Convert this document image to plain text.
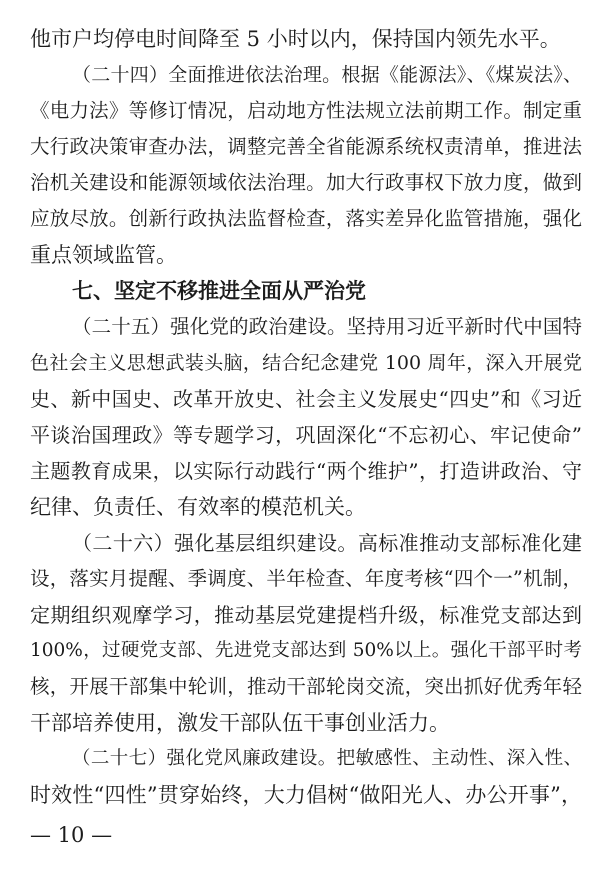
他市户均停电时间降至 5 小时以内，保持国内领先水平。
（二十四）全面推进依法治理。根据《能源法》、《煤炭法》、
《电力法》等修订情况，启动地方性法规立法前期工作。制定重
大行政决策审查办法，调整完善全省能源系统权责清单，推进法
治机关建设和能源领域依法治理。加大行政事权下放力度，做到
应放尽放。创新行政执法监督检查，落实差异化监管措施，强化
重点领域监管。
七、坚定不移推进全面从严治党
（二十五）强化党的政治建设。坚持用习近平新时代中国特
色社会主义思想武装头脑，结合纪念建党 100 周年，深入开展党
史、新中国史、改革开放史、社会主义发展史“四史”和《习近
平谈治国理政》等专题学习，巩固深化“不忘初心、牢记使命”
主题教育成果，以实际行动践行“两个维护”，打造讲政治、守
纪律、负责任、有效率的模范机关。
（二十六）强化基层组织建设。高标准推动支部标准化建
设，落实月提醒、季调度、半年检查、年度考核“四个一”机制，
定期组织观摩学习，推动基层党建提档升级，标准党支部达到
100%，过硬党支部、先进党支部达到 50%以上。强化干部平时考
核，开展干部集中轮训，推动干部轮岗交流，突出抓好优秀年轻
干部培养使用，激发干部队伍干事创业活力。
（二十七）强化党风廉政建设。把敏感性、主动性、深入性、
时效性“四性”贯穿始终，大力倡树“做阳光人、办公开事”，
— 10 —
